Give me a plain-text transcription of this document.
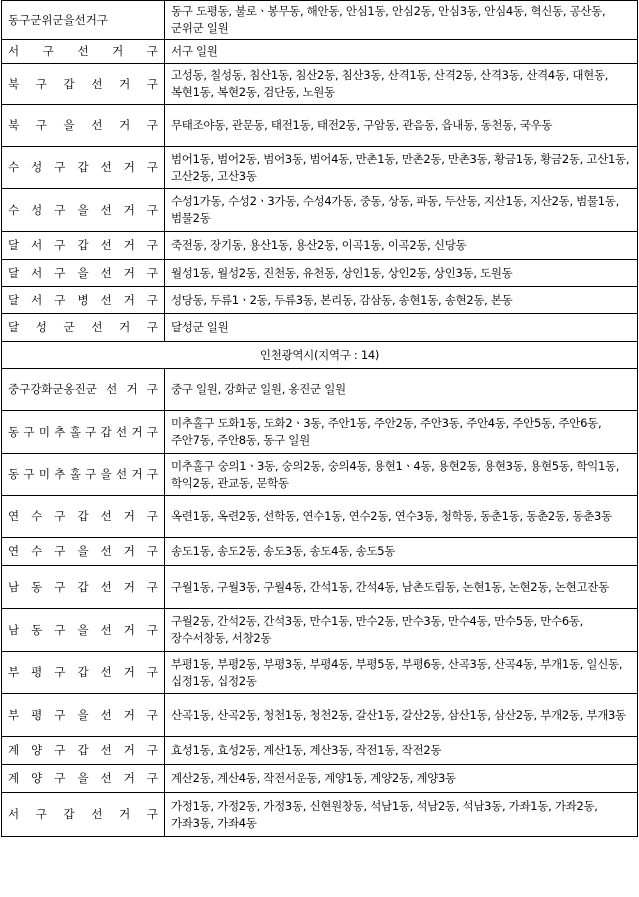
동구군위군을선거구	동구 도평동, 불로ㆍ봉무동, 해안동, 안심1동, 안심2동, 안심3동, 안심4동, 혁신동, 공산동, 군위군 일원
서 구 선 거 구	서구 일원
북 구 갑 선 거 구	고성동, 칠성동, 침산1동, 침산2동, 침산3동, 산격1동, 산격2동, 산격3동, 산격4동, 대현동, 복현1동, 복현2동, 검단동, 노원동
북 구 을 선 거 구	무태조야동, 관문동, 태전1동, 태전2동, 구암동, 관음동, 읍내동, 동천동, 국우동
수 성 구 갑 선 거 구	범어1동, 범어2동, 범어3동, 범어4동, 만촌1동, 만촌2동, 만촌3동, 황금1동, 황금2동, 고산1동, 고산2동, 고산3동
수 성 구 을 선 거 구	수성1가동, 수성2ㆍ3가동, 수성4가동, 중동, 상동, 파동, 두산동, 지산1동, 지산2동, 범물1동, 범물2동
달 서 구 갑 선 거 구	죽전동, 장기동, 용산1동, 용산2동, 이곡1동, 이곡2동, 신당동
달 서 구 을 선 거 구	월성1동, 월성2동, 진천동, 유천동, 상인1동, 상인2동, 상인3동, 도원동
달 서 구 병 선 거 구	성당동, 두류1ㆍ2동, 두류3동, 본리동, 감삼동, 송현1동, 송현2동, 본동
달 성 군 선 거 구	달성군 일원
인천광역시(지역구 : 14)	
중구강화군옹진군 선 거 구	중구 일원, 강화군 일원, 옹진군 일원
동 구 미 추 홀 구 갑 선 거 구	미추홀구 도화1동, 도화2ㆍ3동, 주안1동, 주안2동, 주안3동, 주안4동, 주안5동, 주안6동, 주안7동, 주안8동, 동구 일원
동 구 미 추 홀 구 을 선 거 구	미추홀구 숭의1ㆍ3동, 숭의2동, 숭의4동, 용현1ㆍ4동, 용현2동, 용현3동, 용현5동, 학익1동, 학익2동, 관교동, 문학동
연 수 구 갑 선 거 구	옥련1동, 옥련2동, 선학동, 연수1동, 연수2동, 연수3동, 청학동, 동춘1동, 동춘2동, 동춘3동
연 수 구 을 선 거 구	송도1동, 송도2동, 송도3동, 송도4동, 송도5동
남 동 구 갑 선 거 구	구월1동, 구월3동, 구월4동, 간석1동, 간석4동, 남촌도림동, 논현1동, 논현2동, 논현고잔동
남 동 구 을 선 거 구	구월2동, 간석2동, 간석3동, 만수1동, 만수2동, 만수3동, 만수4동, 만수5동, 만수6동, 장수서창동, 서창2동
부 평 구 갑 선 거 구	부평1동, 부평2동, 부평3동, 부평4동, 부평5동, 부평6동, 산곡3동, 산곡4동, 부개1동, 일신동, 십정1동, 십정2동
부 평 구 을 선 거 구	산곡1동, 산곡2동, 청천1동, 청천2동, 갈산1동, 갈산2동, 삼산1동, 삼산2동, 부개2동, 부개3동
계 양 구 갑 선 거 구	효성1동, 효성2동, 계산1동, 계산3동, 작전1동, 작전2동
계 양 구 을 선 거 구	계산2동, 계산4동, 작전서운동, 계양1동, 계양2동, 계양3동
서 구 갑 선 거 구	가정1동, 가정2동, 가정3동, 신현원창동, 석남1동, 석남2동, 석남3동, 가좌1동, 가좌2동, 가좌3동, 가좌4동
